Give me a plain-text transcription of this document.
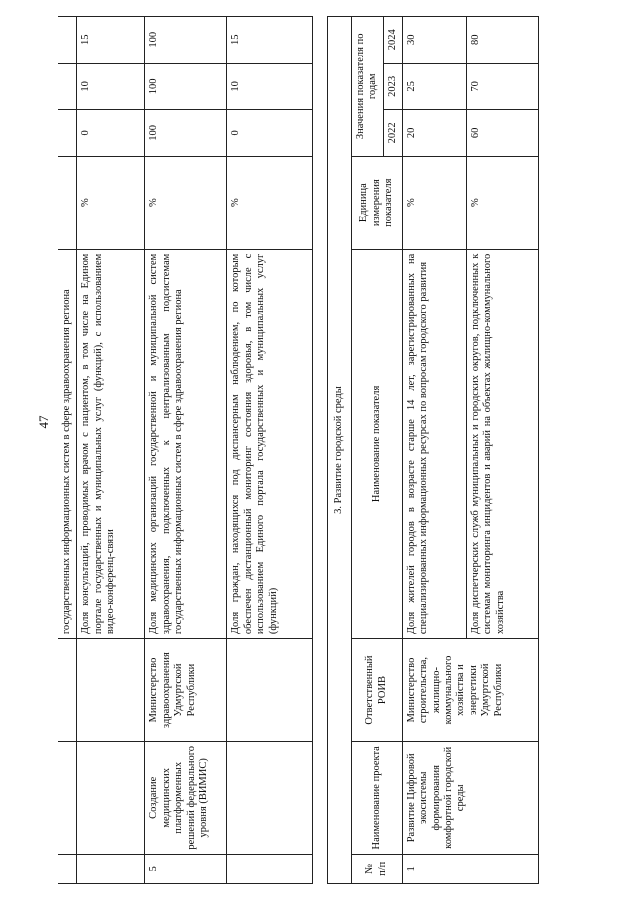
47
			государственных информационных систем в сфере здравоохранения региона				
			Доля консультаций, проводимых врачом с пациентом, в том числе на Едином портале государственных и муниципальных услуг (функций), с использованием видео-конференц-связи	%	0	10	15
5	Создание медицинских платформенных решений федерального уровня (ВИМИС)	Министерство здравоохранения Удмуртской Республики	Доля медицинских организаций государственной и муниципальной систем здравоохранения, подключенных к централизованным подсистемам государственных информационных систем в сфере здравоохранения региона	%	100	100	100
			Доля граждан, находящихся под диспансерным наблюдением, по которым обеспечен дистанционный мониторинг состояния здоровья, в том числе с использованием Единого портала государственных и муниципальных услуг (функций)	%	0	10	15

3. Развитие городской среды							
№ п/п	Наименование проекта	Ответственный РОИВ	Наименование показателя	Единица измерения показателя	Значения показателя по годам		
					2022	2023	2024
1	Развитие Цифровой экосистемы формирования комфортной городской среды	Министерство строительства, жилищно-коммунального хозяйства и энергетики Удмуртской Республики	Доля жителей городов в возрасте старше 14 лет, зарегистрированных на специализированных информационных ресурсах по вопросам городского развития	%	20	25	30
			Доля диспетчерских служб муниципальных и городских округов, подключенных к системам мониторинга инцидентов и аварий на объектах жилищно-коммунального хозяйства	%	60	70	80
